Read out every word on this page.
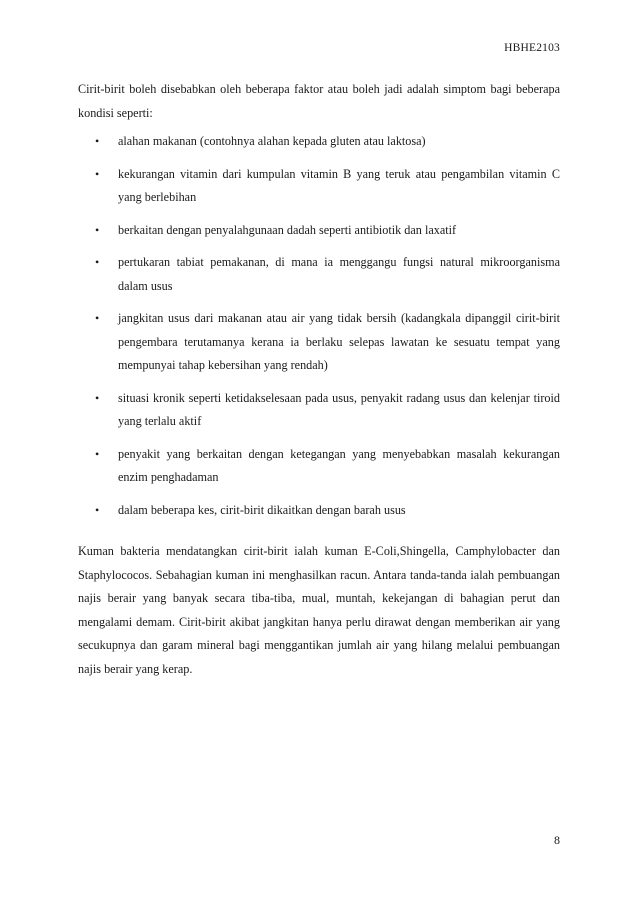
HBHE2103

Cirit-birit boleh disebabkan oleh beberapa faktor atau boleh jadi adalah simptom bagi beberapa kondisi seperti:

• alahan makanan (contohnya alahan kepada gluten atau laktosa)
• kekurangan vitamin dari kumpulan vitamin B yang teruk atau pengambilan vitamin C yang berlebihan
• berkaitan dengan penyalahgunaan dadah seperti antibiotik dan laxatif
• pertukaran tabiat pemakanan, di mana ia menggangu fungsi natural mikroorganisma dalam usus
• jangkitan usus dari makanan atau air yang tidak bersih (kadangkala dipanggil cirit-birit pengembara terutamanya kerana ia berlaku selepas lawatan ke sesuatu tempat yang mempunyai tahap kebersihan yang rendah)
• situasi kronik seperti ketidakselesaan pada usus, penyakit radang usus dan kelenjar tiroid yang terlalu aktif
• penyakit yang berkaitan dengan ketegangan yang menyebabkan masalah kekurangan enzim penghadaman
• dalam beberapa kes, cirit-birit dikaitkan dengan barah usus

Kuman bakteria mendatangkan cirit-birit ialah kuman E-Coli,Shingella, Camphylobacter dan Staphylococos. Sebahagian kuman ini menghasilkan racun. Antara tanda-tanda ialah pembuangan najis berair yang banyak secara tiba-tiba, mual, muntah, kekejangan di bahagian perut dan mengalami demam. Cirit-birit akibat jangkitan hanya perlu dirawat dengan memberikan air yang secukupnya dan garam mineral bagi menggantikan jumlah air yang hilang melalui pembuangan najis berair yang kerap.

8
